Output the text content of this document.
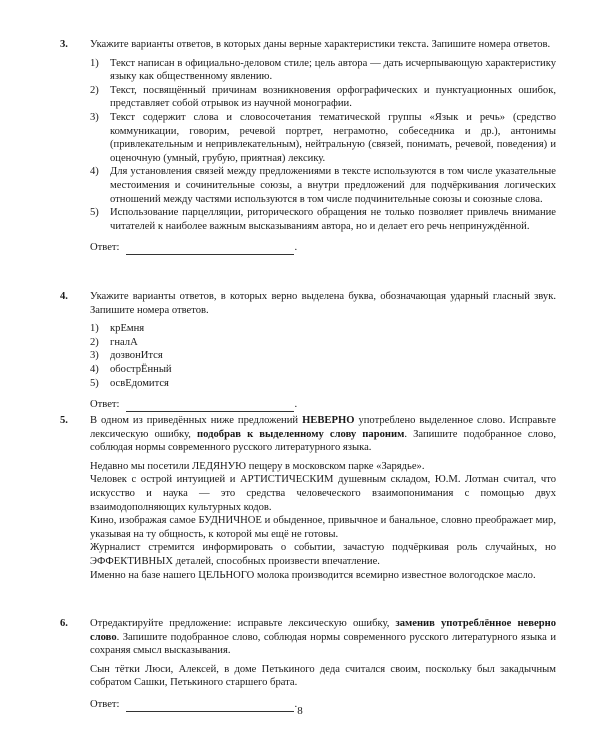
3. Укажите варианты ответов, в которых даны верные характеристики текста. Запишите номера ответов.

1)	Текст написан в официально-деловом стиле; цель автора — дать исчерпывающую характеристику языку как общественному явлению.
2)	Текст, посвящённый причинам возникновения орфографических и пунктуационных ошибок, представляет собой отрывок из научной монографии.
3)	Текст содержит слова и словосочетания тематической группы «Язык и речь» (средство коммуникации, говорим, речевой портрет, неграмотно, собеседника и др.), антонимы (привлекательным и непривлекательным), нейтральную (связей, понимать, речевой, поведения) и оценочную (умный, грубую, приятная) лексику.
4)	Для установления связей между предложениями в тексте используются в том числе указательные местоимения и сочинительные союзы, а внутри предложений для подчёркивания логических отношений между частями используются в том числе подчинительные союзы и союзные слова.
5)	Использование парцелляции, риторического обращения не только позволяет привлечь внимание читателей к наиболее важным высказываниям автора, но и делает его речь непринуждённой.
Ответ:	.
4. Укажите варианты ответов, в которых верно выделена буква, обозначающая ударный гласный звук. Запишите номера ответов.

1)	крЕмня
2)	гналА
3)	дозвонИтся
4)	обострЁнный
5)	освЕдомится
Ответ:	.
5. В одном из приведённых ниже предложений НЕВЕРНО употреблено выделенное слово. Исправьте лексическую ошибку, подобрав к выделенному слову пароним. Запишите подобранное слово, соблюдая нормы современного русского литературного языка.

Недавно мы посетили ЛЕДЯНУЮ пещеру в московском парке «Зарядье».

Человек с острой интуицией и АРТИСТИЧЕСКИМ душевным складом, Ю.М. Лотман считал, что искусство и наука — это средства человеческого взаимопонимания с помощью двух взаимодополняющих культурных кодов.

Кино, изображая самое БУДНИЧНОЕ и обыденное, привычное и банальное, словно преображает мир, указывая на ту общность, к которой мы ещё не готовы.

Журналист стремится информировать о событии, зачастую подчёркивая роль случайных, но ЭФФЕКТИВНЫХ деталей, способных произвести впечатление.

Именно на базе нашего ЦЕЛЬНОГО молока производится всемирно известное вологодское масло.

6. Отредактируйте предложение: исправьте лексическую ошибку, заменив употреблённое неверно слово. Запишите подобранное слово, соблюдая нормы современного русского литературного языка и сохраняя смысл высказывания.

Сын тётки Люси, Алексей, в доме Петькиного деда считался своим, поскольку был закадычным собратом Сашки, Петькиного старшего брата.

Ответ:	.
8
